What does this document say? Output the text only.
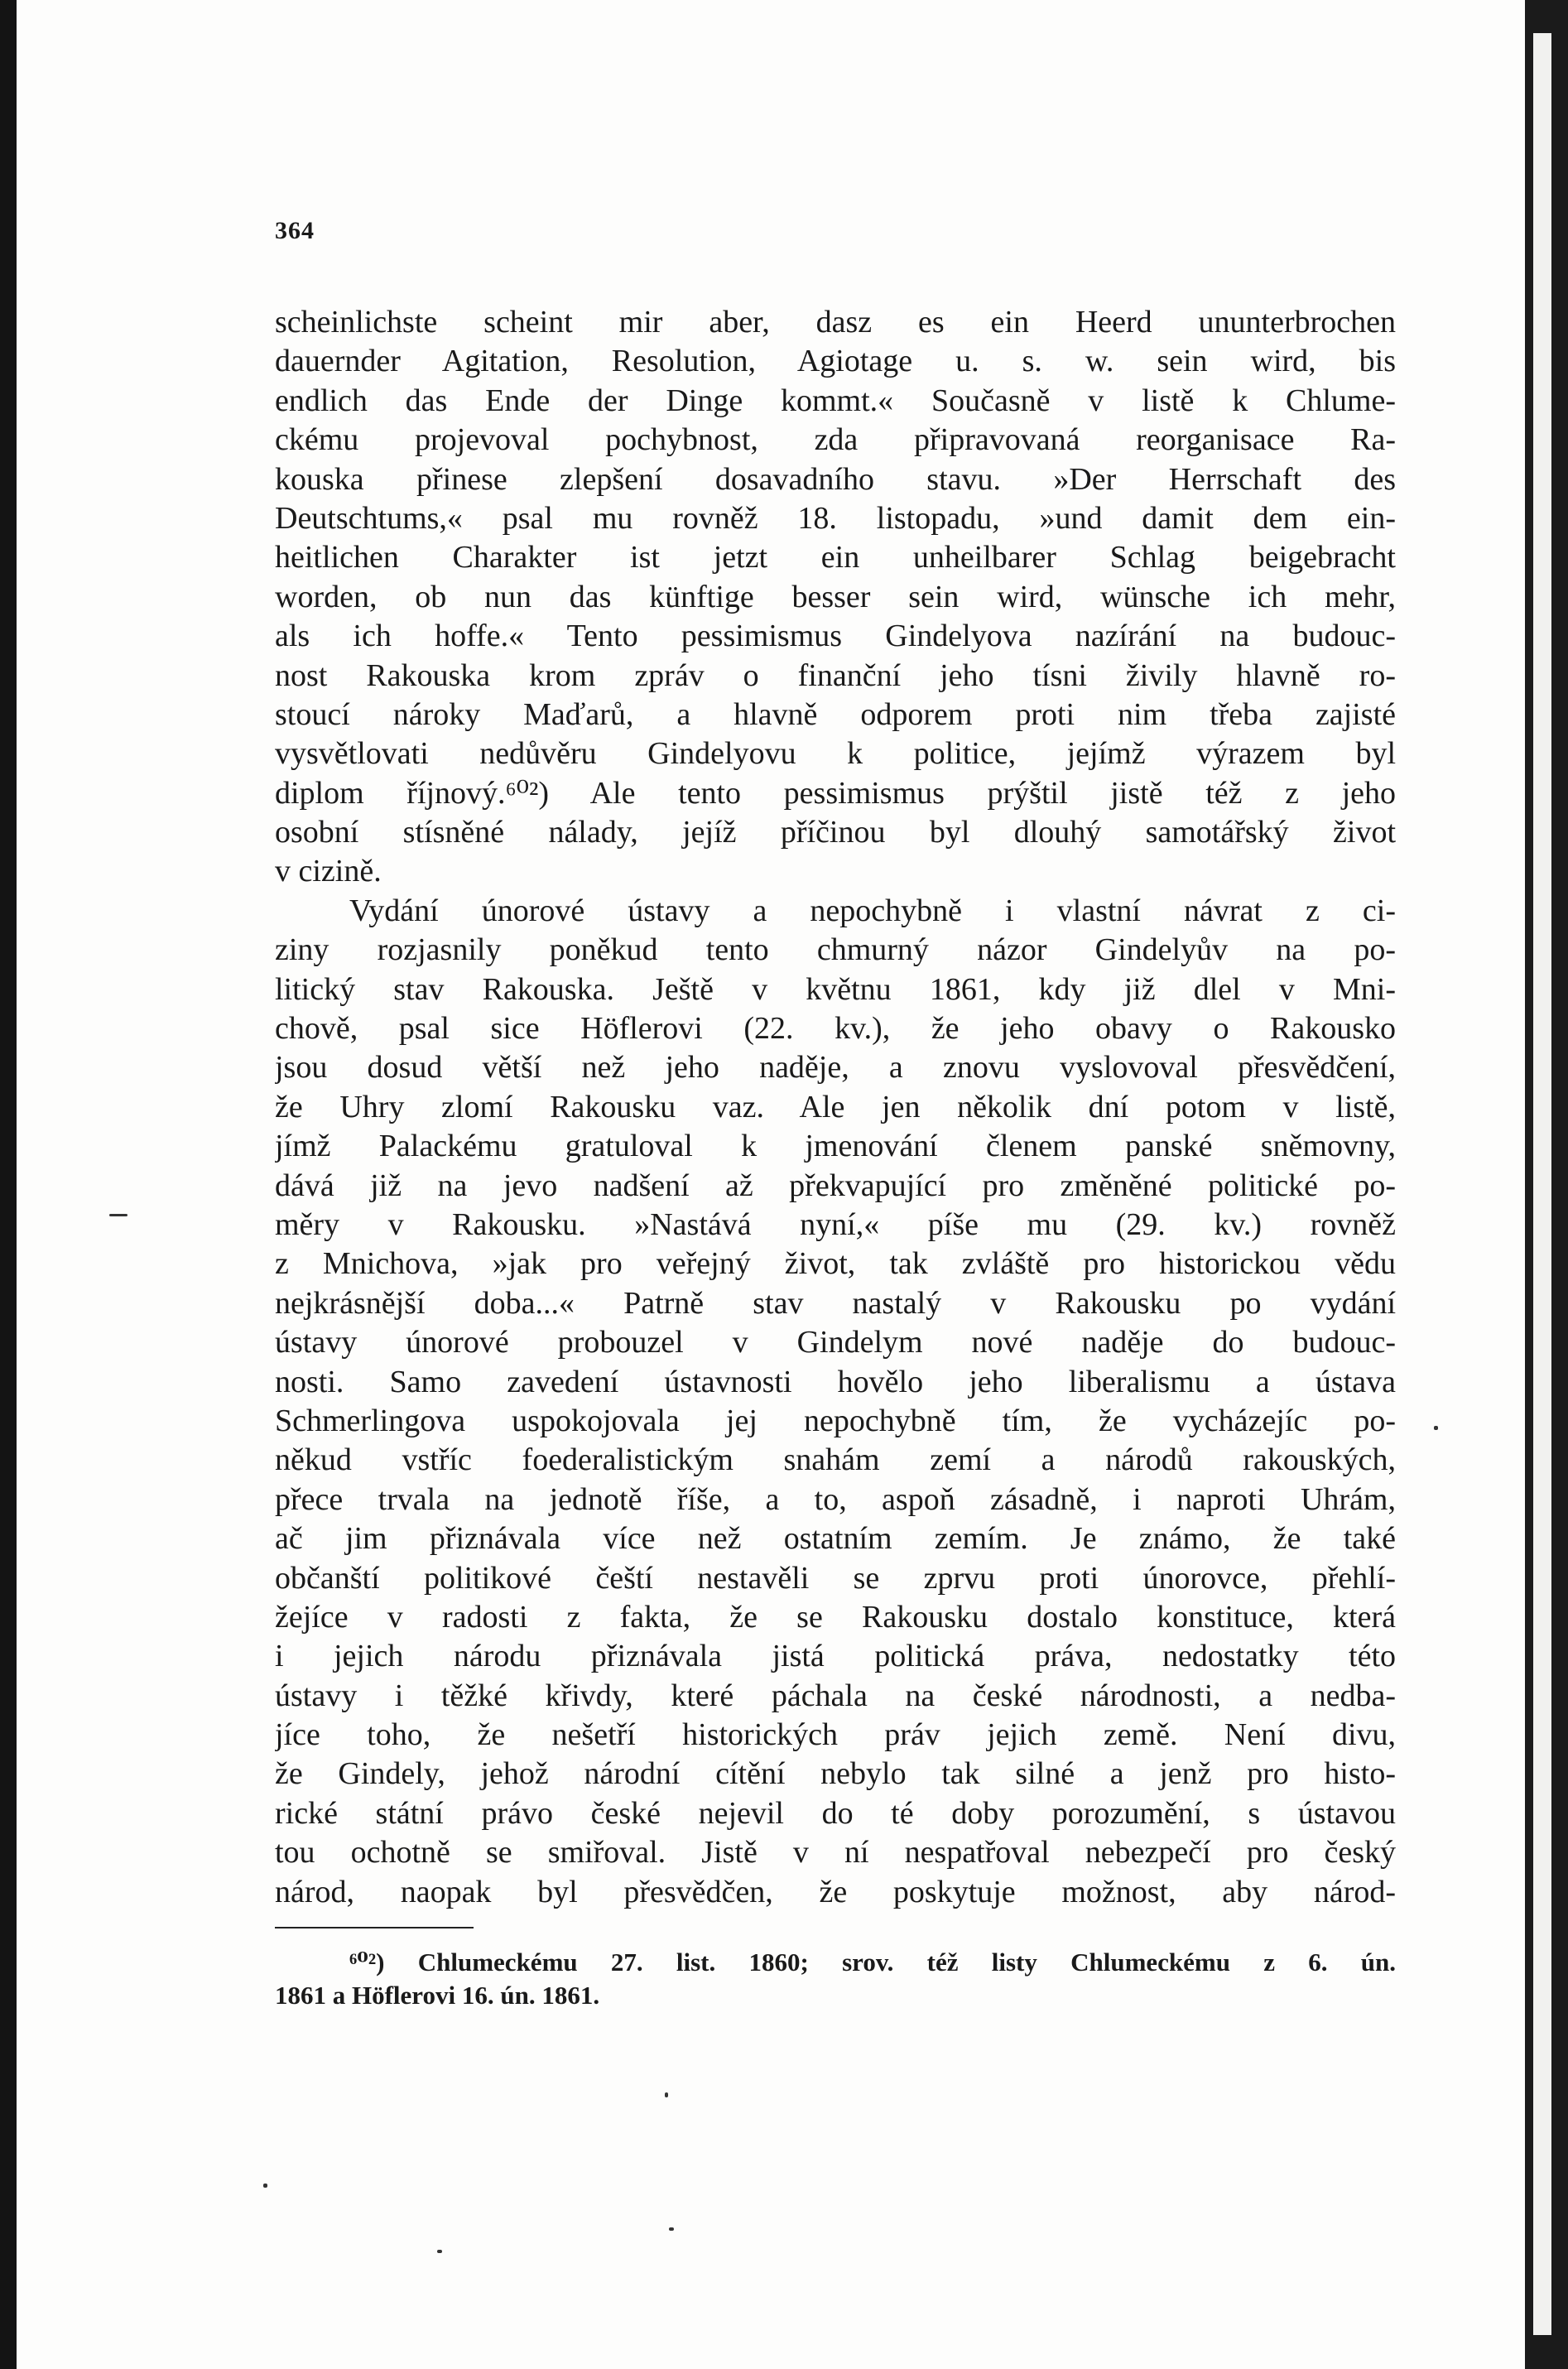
364
scheinlichste scheint mir aber, dasz es ein Heerd ununterbrochen
dauernder Agitation, Resolution, Agiotage u. s. w. sein wird, bis
endlich das Ende der Dinge kommt.« Současně v listě k Chlume-
ckému projevoval pochybnost, zda připravovaná reorganisace Ra-
kouska přinese zlepšení dosavadního stavu. »Der Herrschaft des
Deutschtums,« psal mu rovněž 18. listopadu, »und damit dem ein-
heitlichen Charakter ist jetzt ein unheilbarer Schlag beigebracht
worden, ob nun das künftige besser sein wird, wünsche ich mehr,
als ich hoffe.« Tento pessimismus Gindelyova nazírání na budouc-
nost Rakouska krom zpráv o finanční jeho tísni živily hlavně ro-
stoucí nároky Maďarů, a hlavně odporem proti nim třeba zajisté
vysvětlovati nedůvěru Gindelyovu k politice, jejímž výrazem byl
diplom říjnový.⁶⁰²) Ale tento pessimismus prýštil jistě též z jeho
osobní stísněné nálady, jejíž příčinou byl dlouhý samotářský život
v cizině.
Vydání únorové ústavy a nepochybně i vlastní návrat z ci-
ziny rozjasnily poněkud tento chmurný názor Gindelyův na po-
litický stav Rakouska. Ještě v květnu 1861, kdy již dlel v Mni-
chově, psal sice Höflerovi (22. kv.), že jeho obavy o Rakousko
jsou dosud větší než jeho naděje, a znovu vyslovoval přesvědčení,
že Uhry zlomí Rakousku vaz. Ale jen několik dní potom v listě,
jímž Palackému gratuloval k jmenování členem panské sněmovny,
dává již na jevo nadšení až překvapující pro změněné politické po-
měry v Rakousku. »Nastává nyní,« píše mu (29. kv.) rovněž
z Mnichova, »jak pro veřejný život, tak zvláště pro historickou vědu
nejkrásnější doba...« Patrně stav nastalý v Rakousku po vydání
ústavy únorové probouzel v Gindelym nové naděje do budouc-
nosti. Samo zavedení ústavnosti hovělo jeho liberalismu a ústava
Schmerlingova uspokojovala jej nepochybně tím, že vycházejíc po-
někud vstříc foederalistickým snahám zemí a národů rakouských,
přece trvala na jednotě říše, a to, aspoň zásadně, i naproti Uhrám,
ač jim přiznávala více než ostatním zemím. Je známo, že také
občanští politikové čeští nestavěli se zprvu proti únorovce, přehlí-
žejíce v radosti z fakta, že se Rakousku dostalo konstituce, která
i jejich národu přiznávala jistá politická práva, nedostatky této
ústavy i těžké křivdy, které páchala na české národnosti, a nedba-
jíce toho, že nešetří historických práv jejich země. Není divu,
že Gindely, jehož národní cítění nebylo tak silné a jenž pro histo-
rické státní právo české nejevil do té doby porozumění, s ústavou
tou ochotně se smiřoval. Jistě v ní nespatřoval nebezpečí pro český
národ, naopak byl přesvědčen, že poskytuje možnost, aby národ-
⁶⁰²) Chlumeckému 27. list. 1860; srov. též listy Chlumeckému z 6. ún.
1861 a Höflerovi 16. ún. 1861.
